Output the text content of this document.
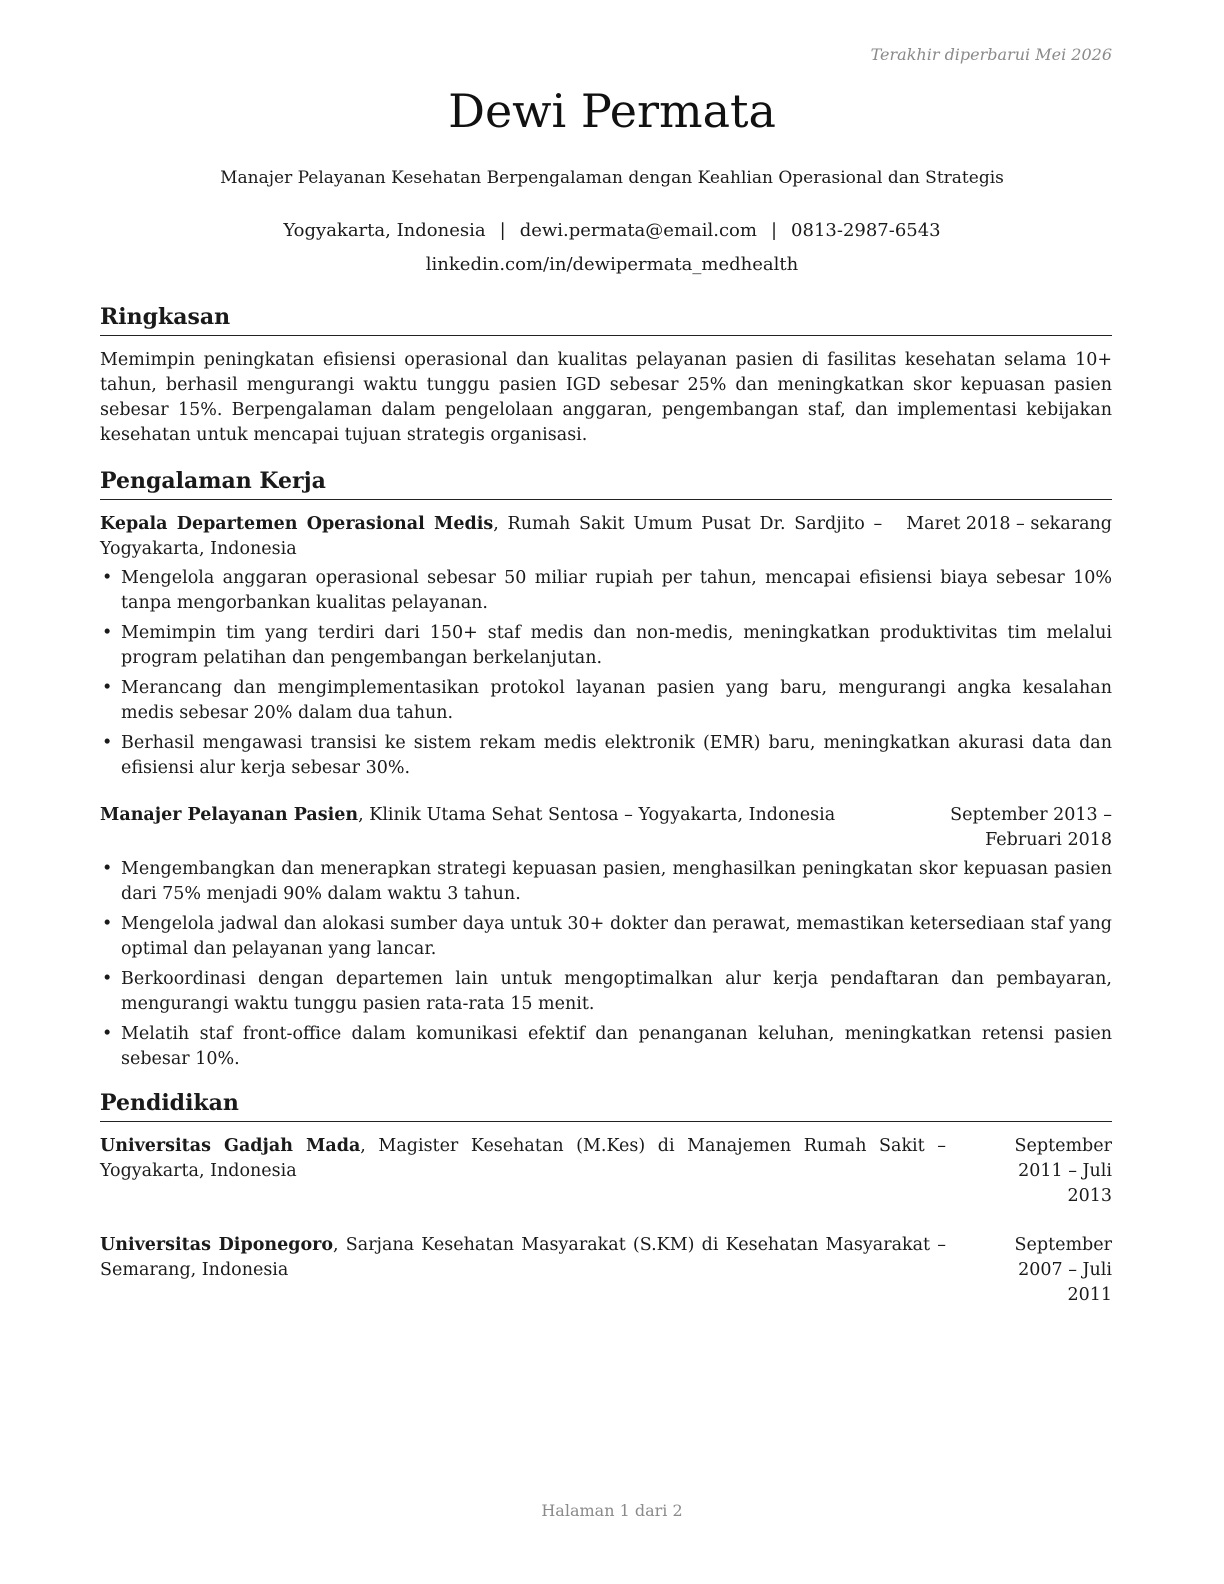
Terakhir diperbarui Mei 2026
Dewi Permata
Manajer Pelayanan Kesehatan Berpengalaman dengan Keahlian Operasional dan Strategis
Yogyakarta, Indonesia | dewi.permata@email.com | 0813-2987-6543
linkedin.com/in/dewipermata_medhealth
Ringkasan

Memimpin peningkatan efisiensi operasional dan kualitas pelayanan pasien di fasilitas kesehatan selama 10+ tahun, berhasil mengurangi waktu tunggu pasien IGD sebesar 25% dan meningkatkan skor kepuasan pasien sebesar 15%. Berpengalaman dalam pengelolaan anggaran, pengembangan staf, dan implementasi kebijakan kesehatan untuk mencapai tujuan strategis organisasi.

Pengalaman Kerja
Kepala Departemen Operasional Medis, Rumah Sakit Umum Pusat Dr. Sardjito – Yogyakarta, Indonesia
Maret 2018 – sekarang
• Mengelola anggaran operasional sebesar 50 miliar rupiah per tahun, mencapai efisiensi biaya sebesar 10% tanpa mengorbankan kualitas pelayanan.
• Memimpin tim yang terdiri dari 150+ staf medis dan non-medis, meningkatkan produktivitas tim melalui program pelatihan dan pengembangan berkelanjutan.
• Merancang dan mengimplementasikan protokol layanan pasien yang baru, mengurangi angka kesalahan medis sebesar 20% dalam dua tahun.
• Berhasil mengawasi transisi ke sistem rekam medis elektronik (EMR) baru, meningkatkan akurasi data dan efisiensi alur kerja sebesar 30%.
Manajer Pelayanan Pasien, Klinik Utama Sehat Sentosa – Yogyakarta, Indonesia	September 2013 – Februari 2018
• Mengembangkan dan menerapkan strategi kepuasan pasien, menghasilkan peningkatan skor kepuasan pasien dari 75% menjadi 90% dalam waktu 3 tahun.
• Mengelola jadwal dan alokasi sumber daya untuk 30+ dokter dan perawat, memastikan ketersediaan staf yang optimal dan pelayanan yang lancar.
• Berkoordinasi dengan departemen lain untuk mengoptimalkan alur kerja pendaftaran dan pembayaran, mengurangi waktu tunggu pasien rata-rata 15 menit.
• Melatih staf front-office dalam komunikasi efektif dan penanganan keluhan, meningkatkan retensi pasien sebesar 10%.
Pendidikan
Universitas Gadjah Mada, Magister Kesehatan (M.Kes) di Manajemen Rumah Sakit – Yogyakarta, Indonesia
September 2011 – Juli 2013
Universitas Diponegoro, Sarjana Kesehatan Masyarakat (S.KM) di Kesehatan Masyarakat – Semarang, Indonesia
September 2007 – Juli 2011
Halaman 1 dari 2
